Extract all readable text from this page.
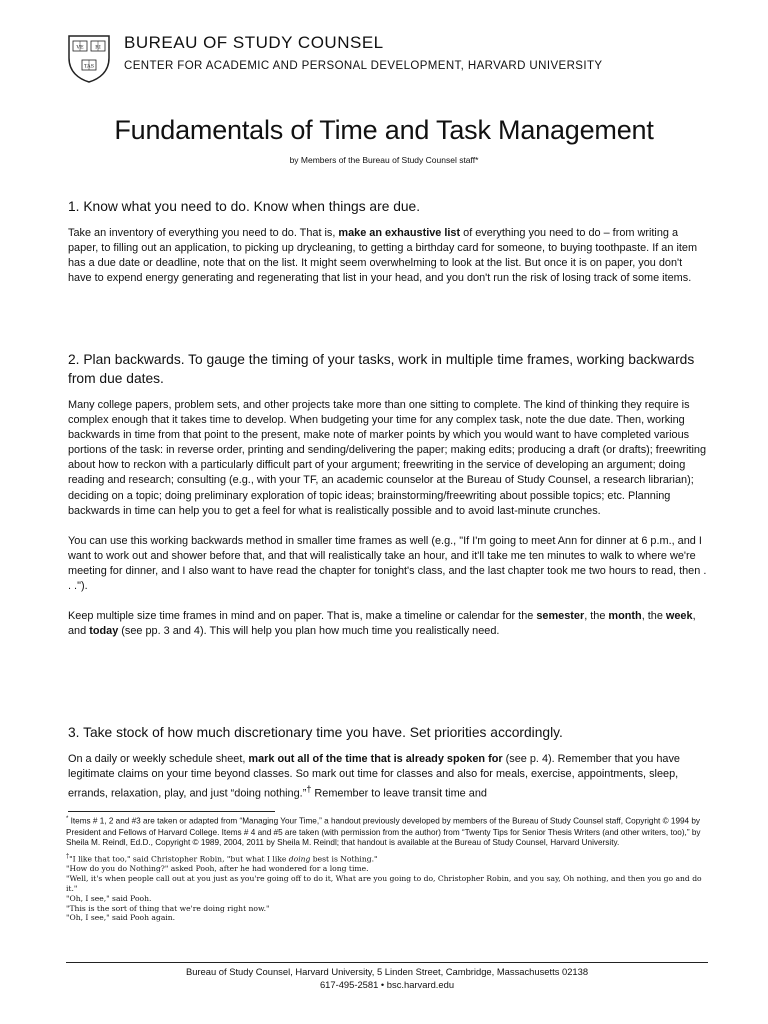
VE RI
TAS
BUREAU OF STUDY COUNSEL
CENTER FOR ACADEMIC AND PERSONAL DEVELOPMENT, HARVARD UNIVERSITY
Fundamentals of Time and Task Management
by Members of the Bureau of Study Counsel staff*
1. Know what you need to do. Know when things are due.

Take an inventory of everything you need to do. That is, make an exhaustive list of everything you need to do – from writing a paper, to filling out an application, to picking up drycleaning, to getting a birthday card for someone, to buying toothpaste. If an item has a due date or deadline, note that on the list. It might seem overwhelming to look at the list. But once it is on paper, you don't have to expend energy generating and regenerating that list in your head, and you don't run the risk of losing track of some items.

2. Plan backwards. To gauge the timing of your tasks, work in multiple time frames, working backwards from due dates.

Many college papers, problem sets, and other projects take more than one sitting to complete. The kind of thinking they require is complex enough that it takes time to develop. When budgeting your time for any complex task, note the due date. Then, working backwards in time from that point to the present, make note of marker points by which you would want to have completed various portions of the task: in reverse order, printing and sending/delivering the paper; making edits; producing a draft (or drafts); freewriting about how to reckon with a particularly difficult part of your argument; freewriting in the service of developing an argument; doing reading and research; consulting (e.g., with your TF, an academic counselor at the Bureau of Study Counsel, a research librarian); deciding on a topic; doing preliminary exploration of topic ideas; brainstorming/freewriting about possible topics; etc. Planning backwards in time can help you to get a feel for what is realistically possible and to avoid last-minute crunches.

You can use this working backwards method in smaller time frames as well (e.g., "If I'm going to meet Ann for dinner at 6 p.m., and I want to work out and shower before that, and that will realistically take an hour, and it'll take me ten minutes to walk to where we're meeting for dinner, and I also want to have read the chapter for tonight's class, and the last chapter took me two hours to read, then . . .").

Keep multiple size time frames in mind and on paper. That is, make a timeline or calendar for the semester, the month, the week, and today (see pp. 3 and 4). This will help you plan how much time you realistically need.

3. Take stock of how much discretionary time you have. Set priorities accordingly.

On a daily or weekly schedule sheet, mark out all of the time that is already spoken for (see p. 4). Remember that you have legitimate claims on your time beyond classes. So mark out time for classes and also for meals, exercise, appointments, sleep, errands, relaxation, play, and just “doing nothing.”† Remember to leave transit time and

* Items # 1, 2 and #3 are taken or adapted from “Managing Your Time,” a handout previously developed by members of the Bureau of Study Counsel staff, Copyright © 1994 by President and Fellows of Harvard College. Items # 4 and #5 are taken (with permission from the author) from “Twenty Tips for Senior Thesis Writers (and other writers, too),” by Sheila M. Reindl, Ed.D., Copyright © 1989, 2004, 2011 by Sheila M. Reindl; that handout is available at the Bureau of Study Counsel, Harvard University.
†"I like that too," said Christopher Robin, "but what I like doing best is Nothing."
"How do you do Nothing?" asked Pooh, after he had wondered for a long time.
"Well, it's when people call out at you just as you're going off to do it, What are you going to do, Christopher Robin, and you say, Oh nothing, and then you go and do it."
"Oh, I see," said Pooh.
"This is the sort of thing that we're doing right now."
"Oh, I see," said Pooh again.
Bureau of Study Counsel, Harvard University, 5 Linden Street, Cambridge, Massachusetts 02138
617-495-2581 • bsc.harvard.edu
